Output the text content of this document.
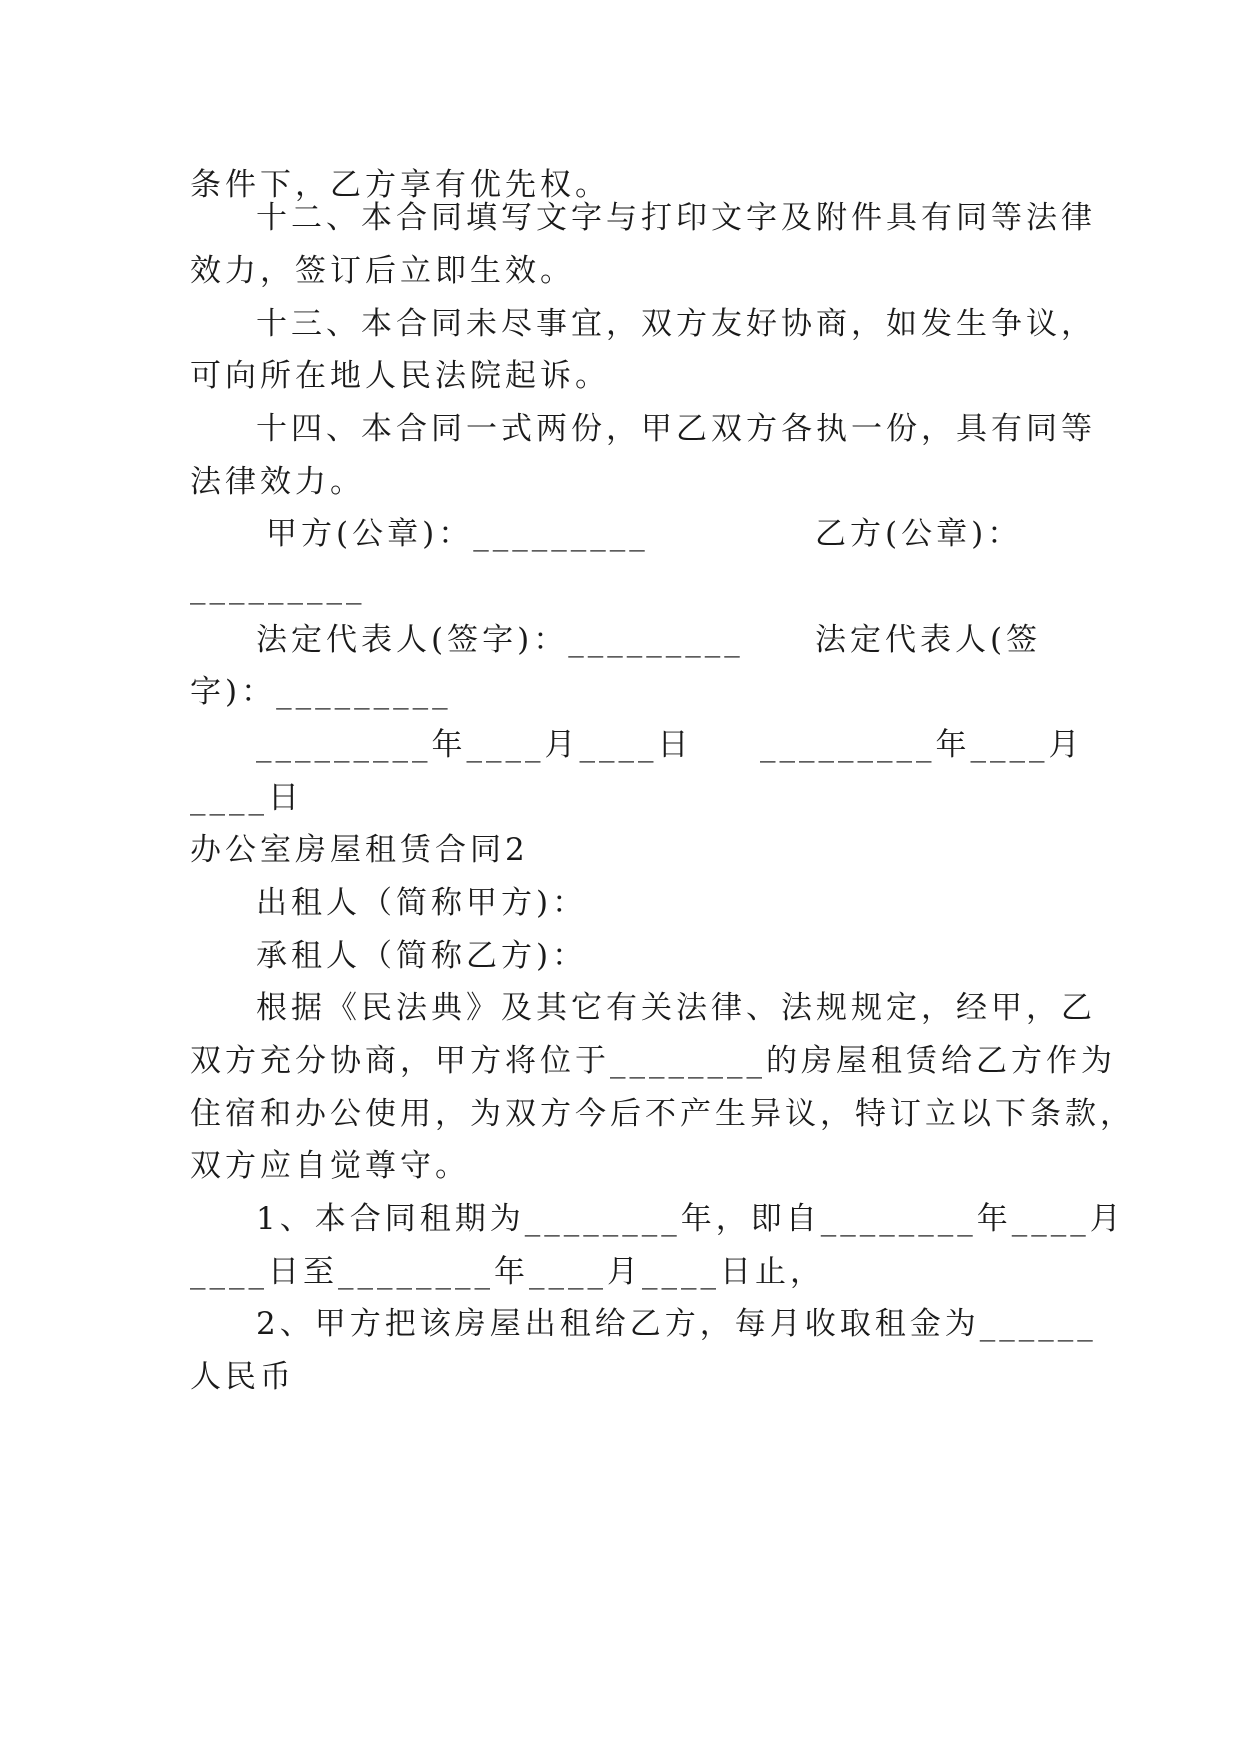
条件下，乙方享有优先权。
十二、本合同填写文字与打印文字及附件具有同等法律
效力，签订后立即生效。
十三、本合同未尽事宜，双方友好协商，如发生争议，
可向所在地人民法院起诉。
十四、本合同一式两份，甲乙双方各执一份，具有同等
法律效力。

甲方(公章)：_________

	乙方(公章)：

_________

法定代表人(签字)：_________

法定代表人(签

字)：_________

_________年____月____日

_________年____月

____日
办公室房屋租赁合同2
出租人（简称甲方)：
承租人（简称乙方)：
根据《民法典》及其它有关法律、法规规定，经甲，乙
双方充分协商，甲方将位于________的房屋租赁给乙方作为
住宿和办公使用，为双方今后不产生异议，特订立以下条款，
双方应自觉尊守。
1、本合同租期为________年，即自________年____月
____日至________年____月____日止，
2、甲方把该房屋出租给乙方，每月收取租金为______
人民币
